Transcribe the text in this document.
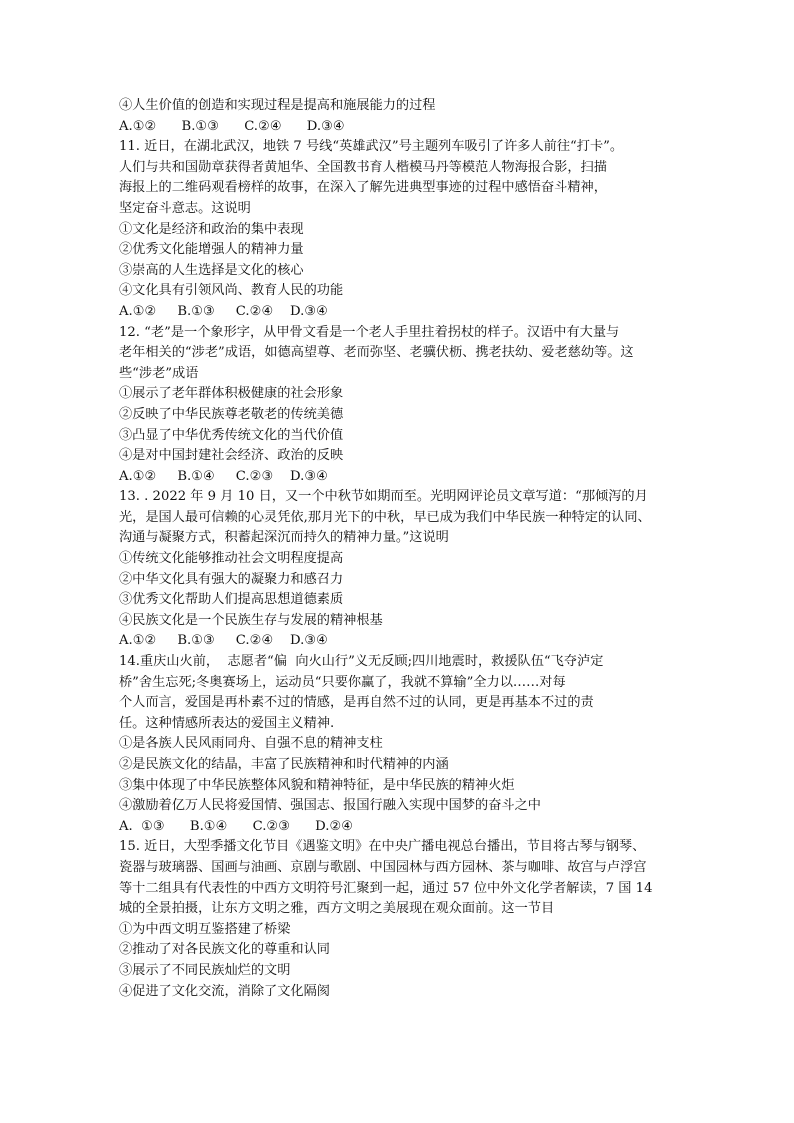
④人生价值的创造和实现过程是提高和施展能力的过程
A.①②      B.①③      C.②④      D.③④
11. 近日，在湖北武汉，地铁 7 号线“英雄武汉”号主题列车吸引了许多人前往“打卡”。
人们与共和国勋章获得者黄旭华、全国教书育人楷模马丹等模范人物海报合影，扫描
海报上的二维码观看榜样的故事，在深入了解先进典型事迹的过程中感悟奋斗精神，
坚定奋斗意志。这说明
①文化是经济和政治的集中表现
②优秀文化能增强人的精神力量
③崇高的人生选择是文化的核心
④文化具有引领风尚、教育人民的功能
A.①②     B.①③     C.②④    D.③④
12. “老”是一个象形字，从甲骨文看是一个老人手里拄着拐杖的样子。汉语中有大量与
老年相关的“涉老”成语，如德高望尊、老而弥坚、老骥伏枥、携老扶幼、爱老慈幼等。这
些“涉老”成语
①展示了老年群体积极健康的社会形象
②反映了中华民族尊老敬老的传统美德
③凸显了中华优秀传统文化的当代价值
④是对中国封建社会经济、政治的反映
A.①②     B.①④     C.②③    D.③④
13. . 2022 年 9 月 10 日，又一个中秋节如期而至。光明网评论员文章写道：“那倾泻的月
光，是国人最可信赖的心灵凭依,那月光下的中秋，早已成为我们中华民族一种特定的认同、
沟通与凝聚方式，积蓄起深沉而持久的精神力量。”这说明
①传统文化能够推动社会文明程度提高
②中华文化具有强大的凝聚力和感召力
③优秀文化帮助人们提高思想道德素质
④民族文化是一个民族生存与发展的精神根基
A.①②     B.①③     C.②④    D.③④
14.重庆山火前，  志愿者“偏  向火山行”义无反顾;四川地震时，救援队伍“飞夺泸定
桥”舍生忘死;冬奥赛场上，运动员“只要你赢了，我就不算输”全力以……对每
个人而言，爱国是再朴素不过的情感，是再自然不过的认同，更是再基本不过的责
任。这种情感所表达的爱国主义精神.
①是各族人民风雨同舟、自强不息的精神支柱
②是民族文化的结晶，丰富了民族精神和时代精神的内涵
③集中体现了中华民族整体风貌和精神特征，是中华民族的精神火炬
④激励着亿万人民将爱国情、强国志、报国行融入实现中国梦的奋斗之中
A.  ①③      B.①④      C.②③      D.②④
15. 近日，大型季播文化节目《遇鉴文明》在中央广播电视总台播出，节目将古琴与钢琴、
瓷器与玻璃器、国画与油画、京剧与歌剧、中国园林与西方园林、茶与咖啡、故宫与卢浮宫
等十二组具有代表性的中西方文明符号汇聚到一起，通过 57 位中外文化学者解读，7 国 14
城的全景拍摄，让东方文明之雅，西方文明之美展现在观众面前。这一节目
①为中西文明互鉴搭建了桥梁
②推动了对各民族文化的尊重和认同
③展示了不同民族灿烂的文明
④促进了文化交流，消除了文化隔阂
